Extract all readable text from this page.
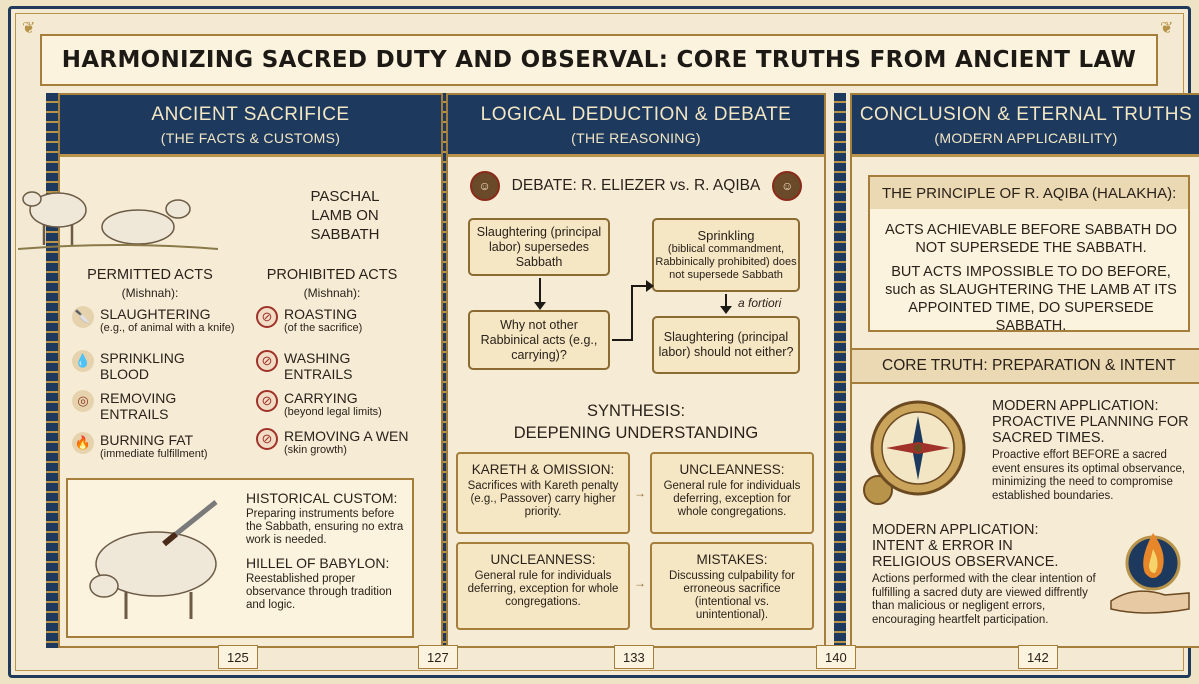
HARMONIZING SACRED DUTY AND OBSERVAL: CORE TRUTHS FROM ANCIENT LAW
❦	❦
ANCIENT SACRIFICE
(THE FACTS & CUSTOMS)
PASCHAL LAMB ON SABBATH
PERMITTED ACTS
(Mishnah):
PROHIBITED ACTS
(Mishnah):
🔪 SLAUGHTERING
(e.g., of animal with a knife)
💧 SPRINKLING BLOOD
◎ REMOVING ENTRAILS
🔥 BURNING FAT
(immediate fulfillment)
⊘ ROASTING
(of the sacrifice)
⊘ WASHING ENTRAILS
⊘ CARRYING
(beyond legal limits)
⊘ REMOVING A WEN
(skin growth)
HISTORICAL CUSTOM:
Preparing instruments before the Sabbath, ensuring no extra work is needed.
HILLEL OF BABYLON:
Reestablished proper observance through tradition and logic.
LOGICAL DEDUCTION & DEBATE
(THE REASONING)
☺	DEBATE: R. ELIEZER vs. R. AQIBA	☺
Slaughtering (principal labor) supersedes Sabbath
Sprinkling
(biblical commandment, Rabbinically prohibited) does not supersede Sabbath
Why not other Rabbinical acts (e.g., carrying)?
Slaughtering (principal labor) should not either?
a fortiori
SYNTHESIS:
DEEPENING UNDERSTANDING
KARETH & OMISSION:
Sacrifices with Kareth penalty (e.g., Passover) carry higher priority.
UNCLEANNESS:
General rule for individuals deferring, exception for whole congregations.
UNCLEANNESS:
General rule for individuals deferring, exception for whole congregations.
MISTAKES:
Discussing culpability for erroneous sacrifice (intentional vs. unintentional).
→
→
CONCLUSION & ETERNAL TRUTHS
(MODERN APPLICABILITY)
THE PRINCIPLE OF R. AQIBA (HALAKHA):
ACTS ACHIEVABLE BEFORE SABBATH DO NOT SUPERSEDE THE SABBATH.
BUT ACTS IMPOSSIBLE TO DO BEFORE, such as SLAUGHTERING THE LAMB AT ITS APPOINTED TIME, DO SUPERSEDE SABBATH.
CORE TRUTH: PREPARATION & INTENT
MODERN APPLICATION: PROACTIVE PLANNING FOR SACRED TIMES.
Proactive effort BEFORE a sacred event ensures its optimal observance, minimizing the need to compromise established boundaries.
MODERN APPLICATION: INTENT & ERROR IN RELIGIOUS OBSERVANCE.
Actions performed with the clear intention of fulfilling a sacred duty are viewed diffrently than malicious or negligent errors, encouraging heartfelt participation.
125	127	133	140	142
